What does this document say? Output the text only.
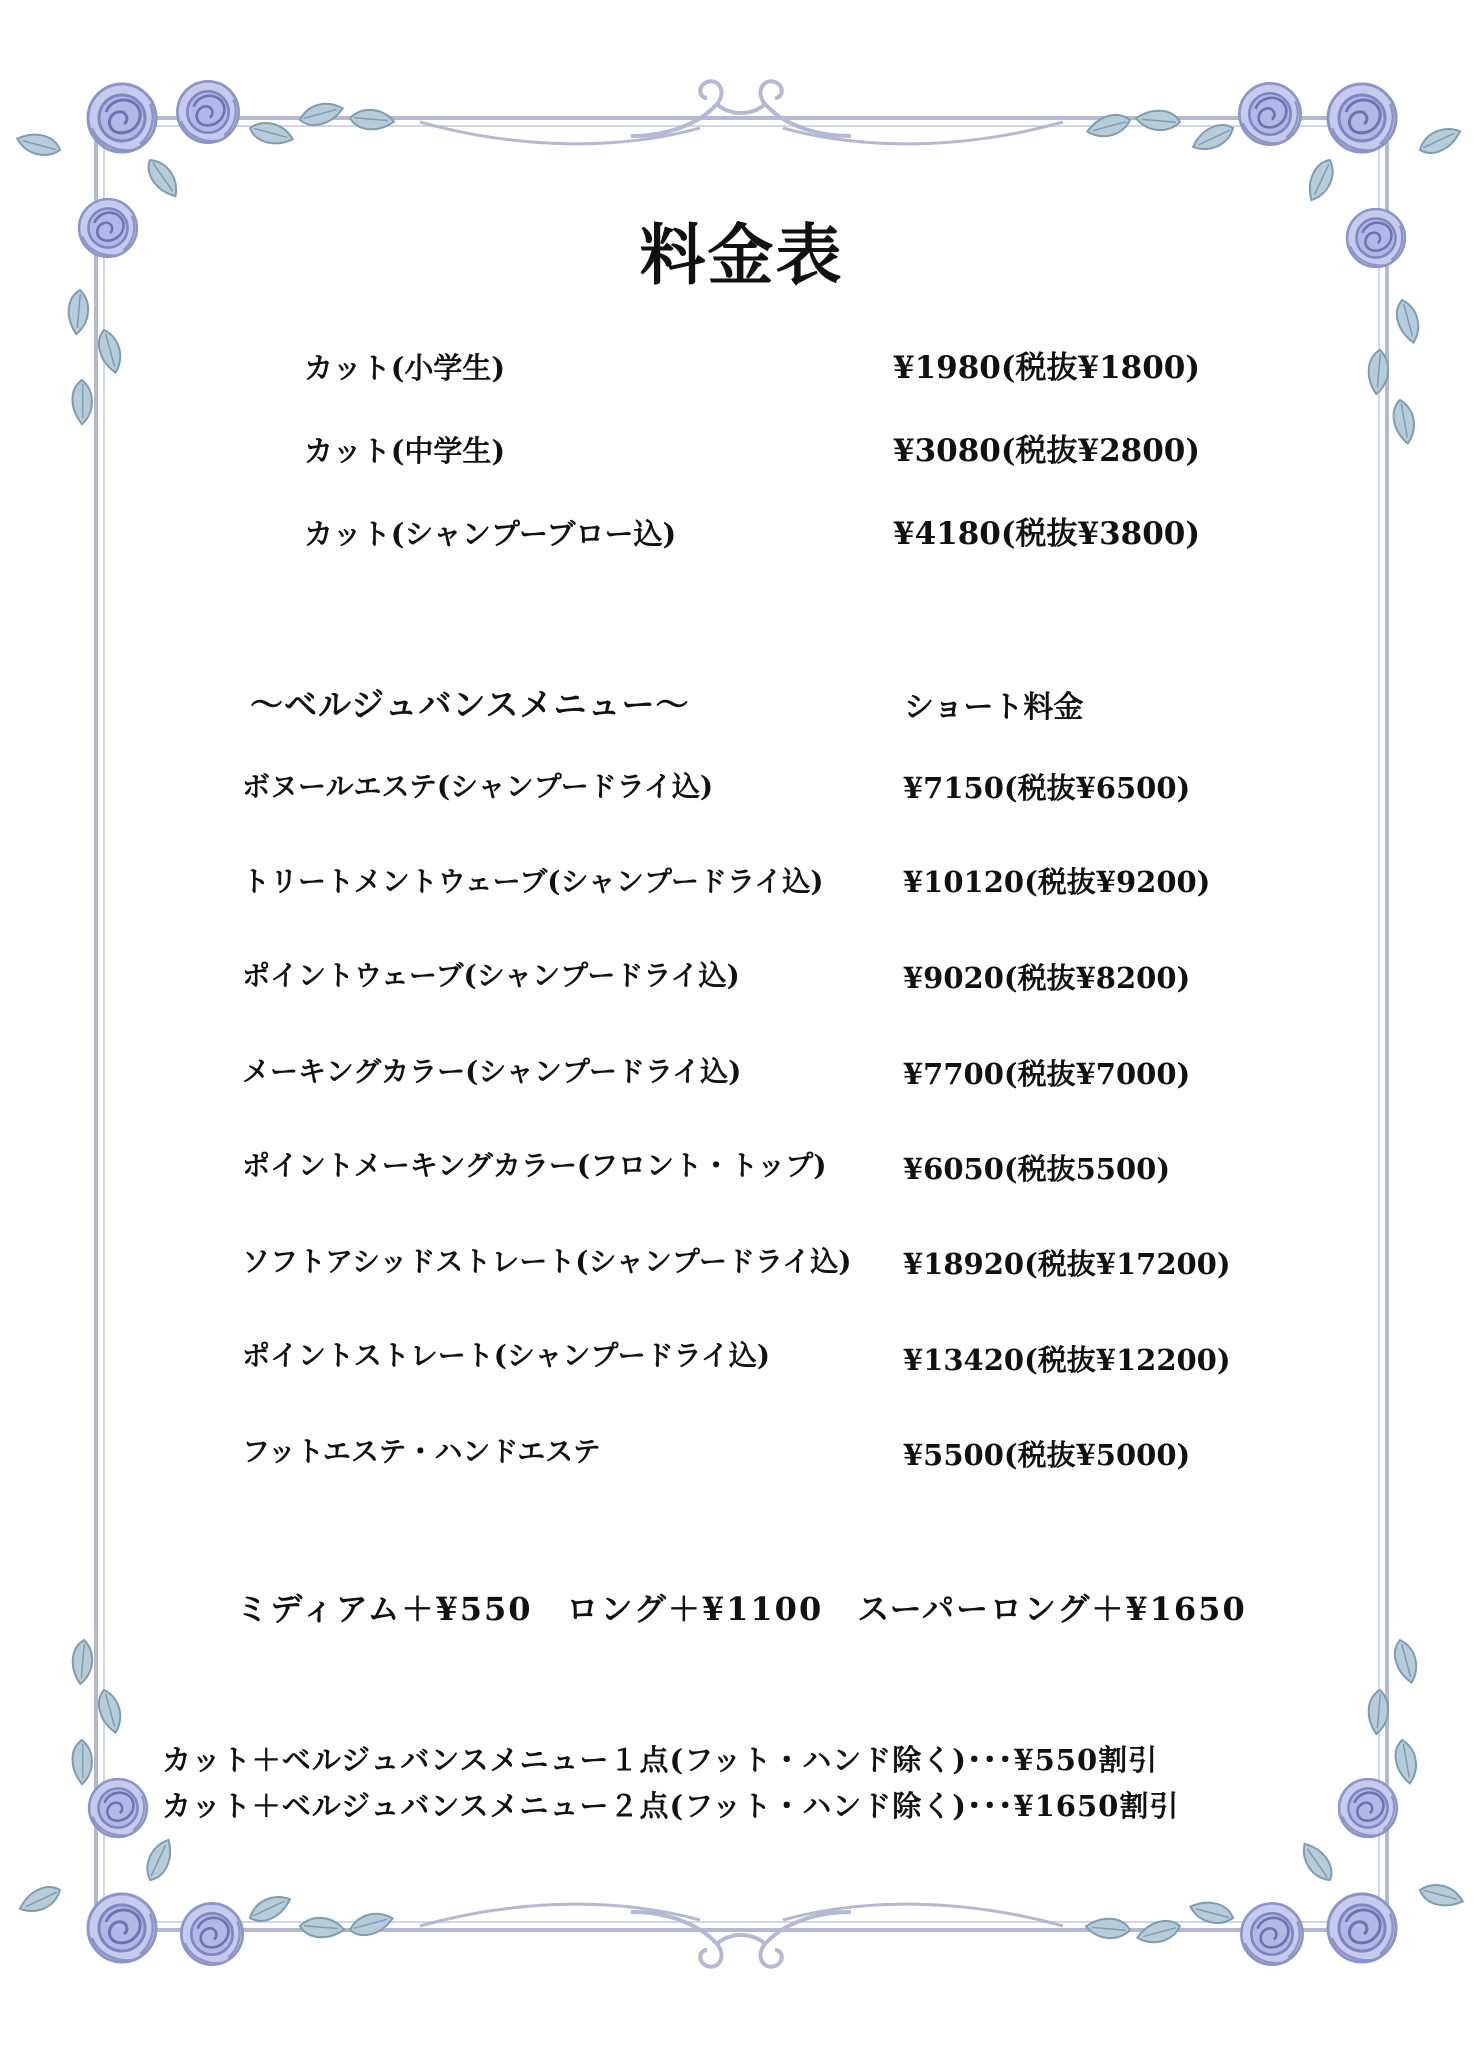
料金表
カット(小学生)	¥1980(税抜¥1800)
カット(中学生)	¥3080(税抜¥2800)
カット(シャンプーブロー込)	¥4180(税抜¥3800)
～ベルジュバンスメニュー～	ショート料金
ボヌールエステ(シャンプードライ込)	¥7150(税抜¥6500)
トリートメントウェーブ(シャンプードライ込)	¥10120(税抜¥9200)
ポイントウェーブ(シャンプードライ込)	¥9020(税抜¥8200)
メーキングカラー(シャンプードライ込)	¥7700(税抜¥7000)
ポイントメーキングカラー(フロント・トップ)	¥6050(税抜5500)
ソフトアシッドストレート(シャンプードライ込) ¥18920(税抜¥17200)
ポイントストレート(シャンプードライ込)	¥13420(税抜¥12200)
フットエステ・ハンドエステ	¥5500(税抜¥5000)
ミディアム＋¥550　ロング＋¥1100　スーパーロング＋¥1650
カット＋ベルジュバンスメニュー１点(フット・ハンド除く)･･･¥550割引
カット＋ベルジュバンスメニュー２点(フット・ハンド除く)･･･¥1650割引
